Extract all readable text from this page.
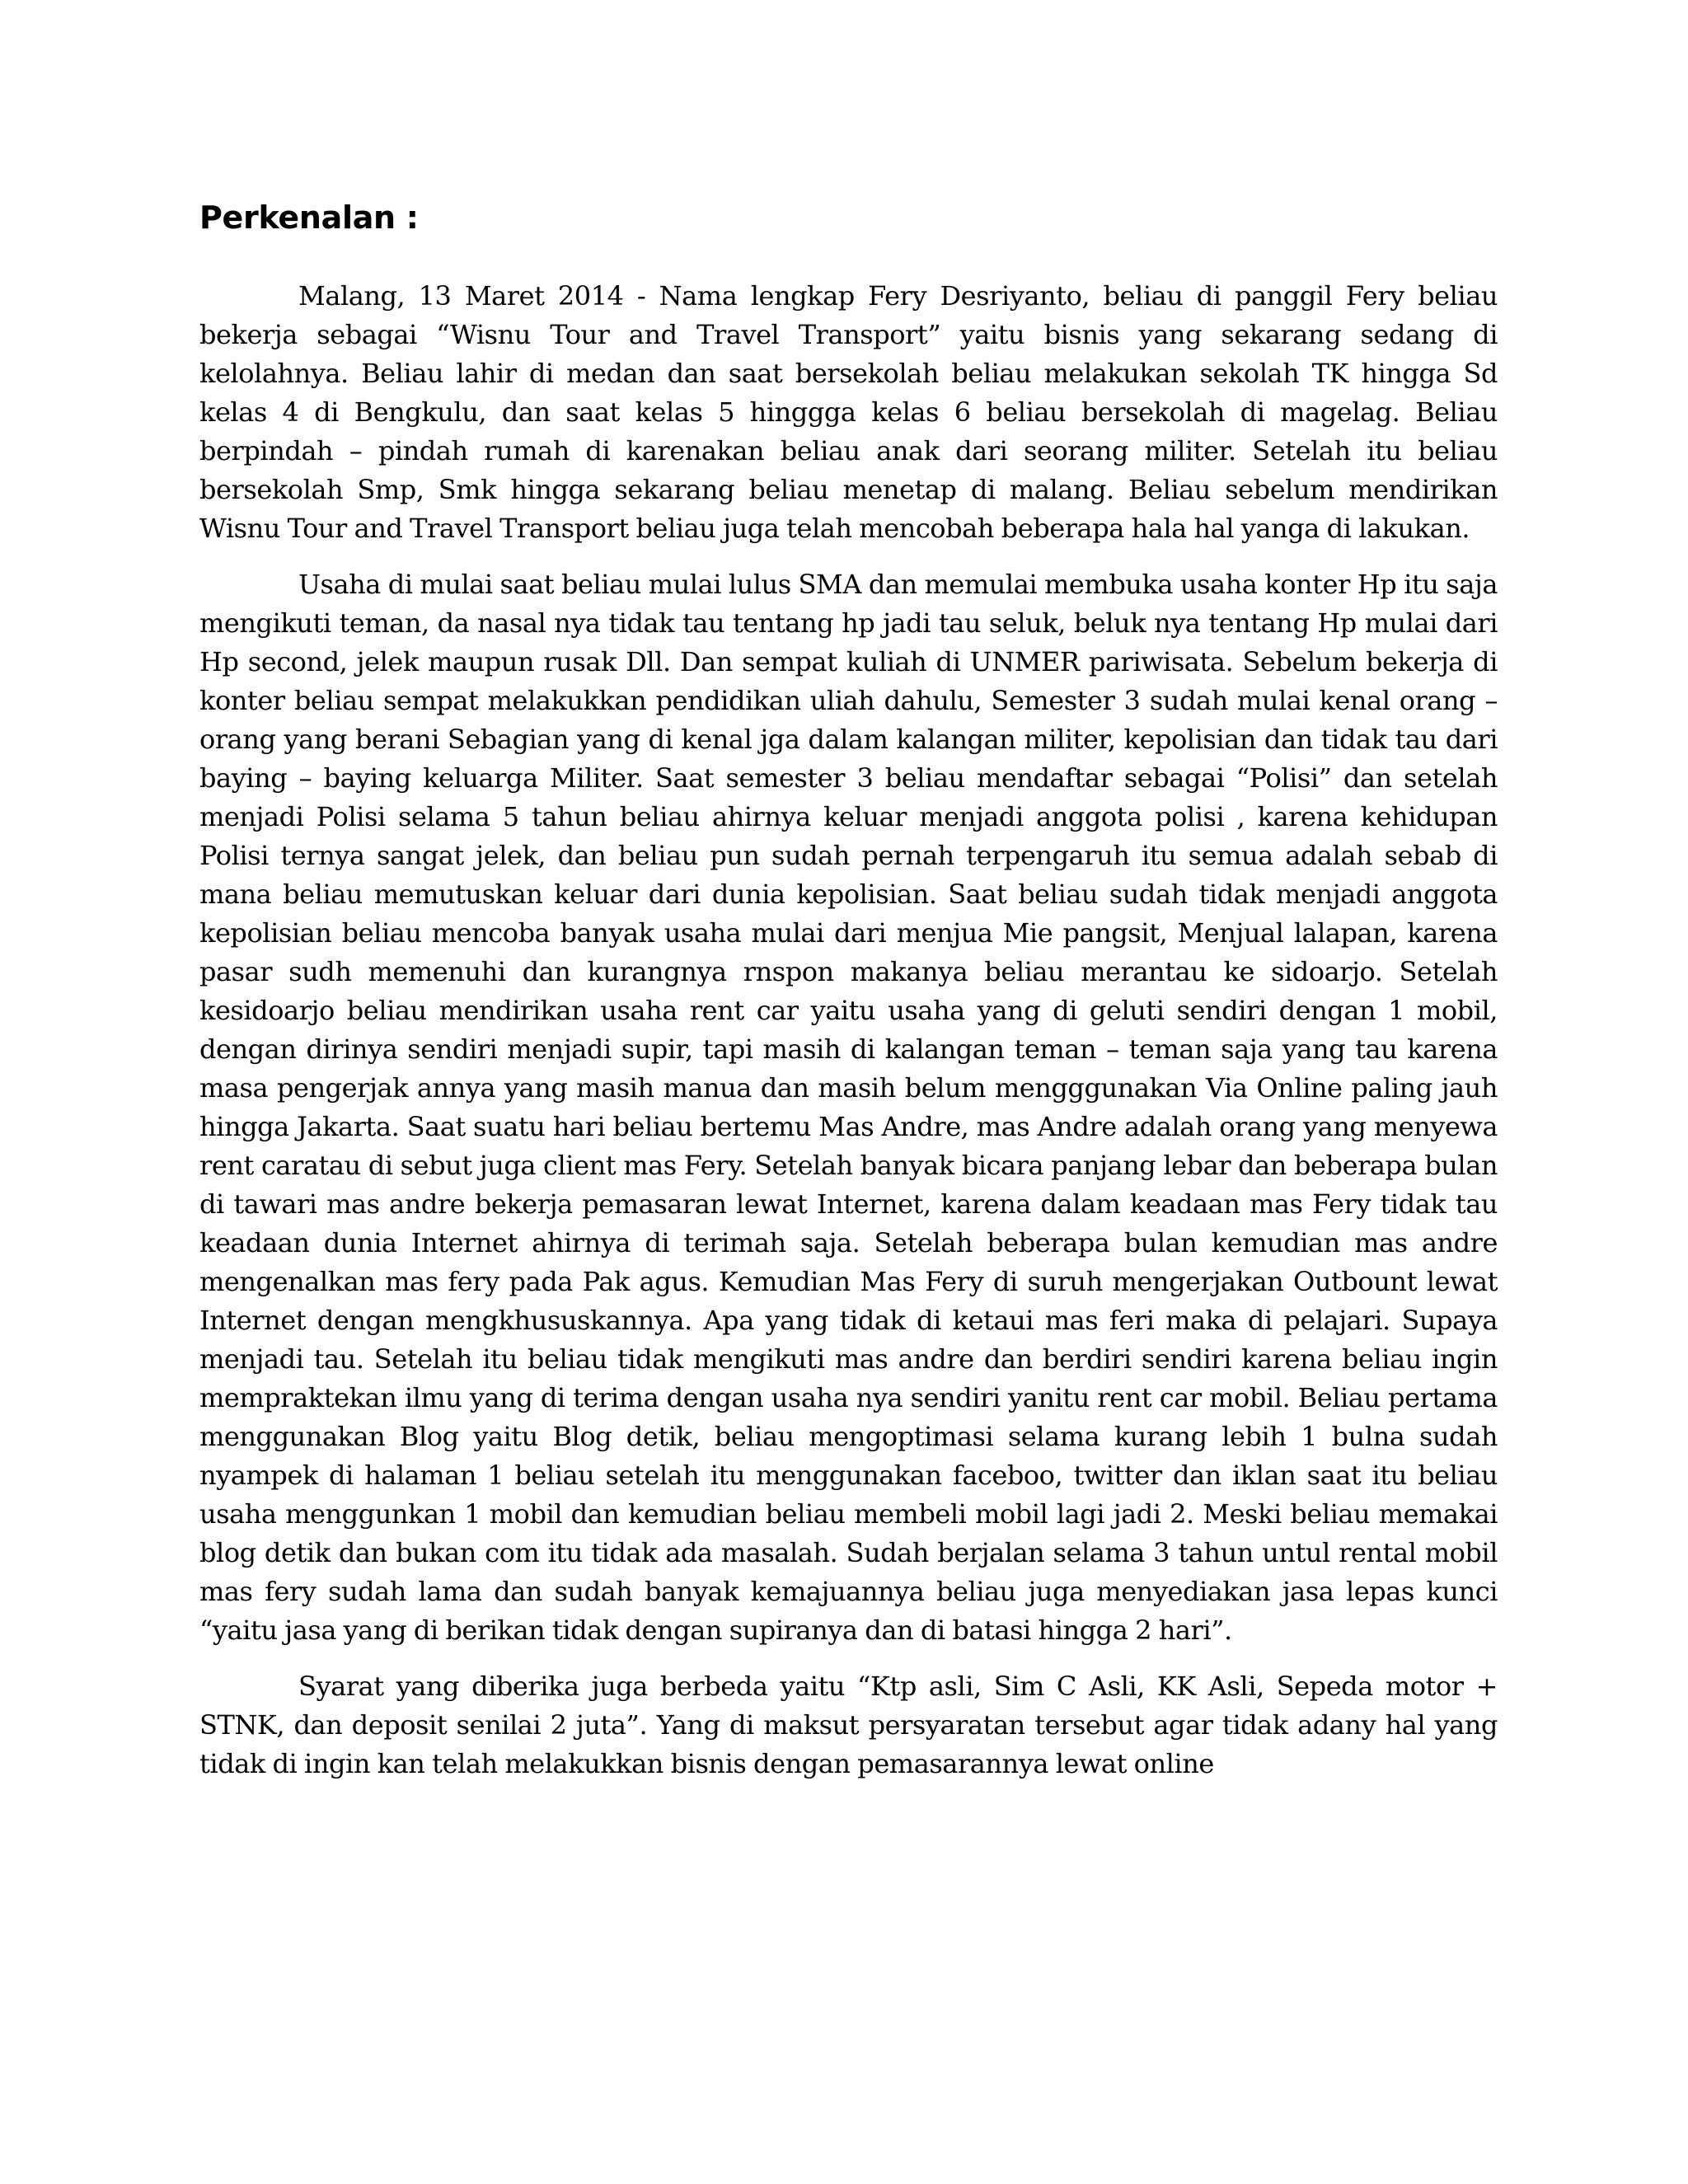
Perkenalan :

Malang, 13 Maret 2014 - Nama lengkap Fery Desriyanto, beliau di panggil Fery beliau bekerja sebagai “Wisnu Tour and Travel Transport” yaitu bisnis yang sekarang sedang di kelolahnya. Beliau lahir di medan dan saat bersekolah beliau melakukan sekolah TK hingga Sd kelas 4 di Bengkulu, dan saat kelas 5 hinggga kelas 6 beliau bersekolah di magelag. Beliau berpindah – pindah rumah di karenakan beliau anak dari seorang militer. Setelah itu beliau bersekolah Smp, Smk hingga sekarang beliau menetap di malang. Beliau sebelum mendirikan Wisnu Tour and Travel Transport beliau juga telah mencobah beberapa hala hal yanga di lakukan.

Usaha di mulai saat beliau mulai lulus SMA dan memulai membuka usaha konter Hp itu saja mengikuti teman, da nasal nya tidak tau tentang hp jadi tau seluk, beluk nya tentang Hp mulai dari Hp second, jelek maupun rusak Dll. Dan sempat kuliah di UNMER pariwisata. Sebelum bekerja di konter beliau sempat melakukkan pendidikan uliah dahulu, Semester 3 sudah mulai kenal orang – orang yang berani Sebagian yang di kenal jga dalam kalangan militer, kepolisian dan tidak tau dari baying – baying keluarga Militer. Saat semester 3 beliau mendaftar sebagai “Polisi” dan setelah menjadi Polisi selama 5 tahun beliau ahirnya keluar menjadi anggota polisi , karena kehidupan Polisi ternya sangat jelek, dan beliau pun sudah pernah terpengaruh itu semua adalah sebab di mana beliau memutuskan keluar dari dunia kepolisian. Saat beliau sudah tidak menjadi anggota kepolisian beliau mencoba banyak usaha mulai dari menjua Mie pangsit, Menjual lalapan, karena pasar sudh memenuhi dan kurangnya rnspon makanya beliau merantau ke sidoarjo. Setelah kesidoarjo beliau mendirikan usaha rent car yaitu usaha yang di geluti sendiri dengan 1 mobil, dengan dirinya sendiri menjadi supir, tapi masih di kalangan teman – teman saja yang tau karena masa pengerjak annya yang masih manua dan masih belum mengggunakan Via Online paling jauh hingga Jakarta. Saat suatu hari beliau bertemu Mas Andre, mas Andre adalah orang yang menyewa rent caratau di sebut juga client mas Fery. Setelah banyak bicara panjang lebar dan beberapa bulan di tawari mas andre bekerja pemasaran lewat Internet, karena dalam keadaan mas Fery tidak tau keadaan dunia Internet ahirnya di terimah saja. Setelah beberapa bulan kemudian mas andre mengenalkan mas fery pada Pak agus. Kemudian Mas Fery di suruh mengerjakan Outbount lewat Internet dengan mengkhususkannya. Apa yang tidak di ketaui mas feri maka di pelajari. Supaya menjadi tau. Setelah itu beliau tidak mengikuti mas andre dan berdiri sendiri karena beliau ingin mempraktekan ilmu yang di terima dengan usaha nya sendiri yanitu rent car mobil. Beliau pertama menggunakan Blog yaitu Blog detik, beliau mengoptimasi selama kurang lebih 1 bulna sudah nyampek di halaman 1 beliau setelah itu menggunakan faceboo, twitter dan iklan saat itu beliau usaha menggunkan 1 mobil dan kemudian beliau membeli mobil lagi jadi 2. Meski beliau memakai blog detik dan bukan com itu tidak ada masalah. Sudah berjalan selama 3 tahun untul rental mobil mas fery sudah lama dan sudah banyak kemajuannya beliau juga menyediakan jasa lepas kunci “yaitu jasa yang di berikan tidak dengan supiranya dan di batasi hingga 2 hari”.

Syarat yang diberika juga berbeda yaitu “Ktp asli, Sim C Asli, KK Asli, Sepeda motor + STNK, dan deposit senilai 2 juta”. Yang di maksut persyaratan tersebut agar tidak adany hal yang tidak di ingin kan telah melakukkan bisnis dengan pemasarannya lewat online
